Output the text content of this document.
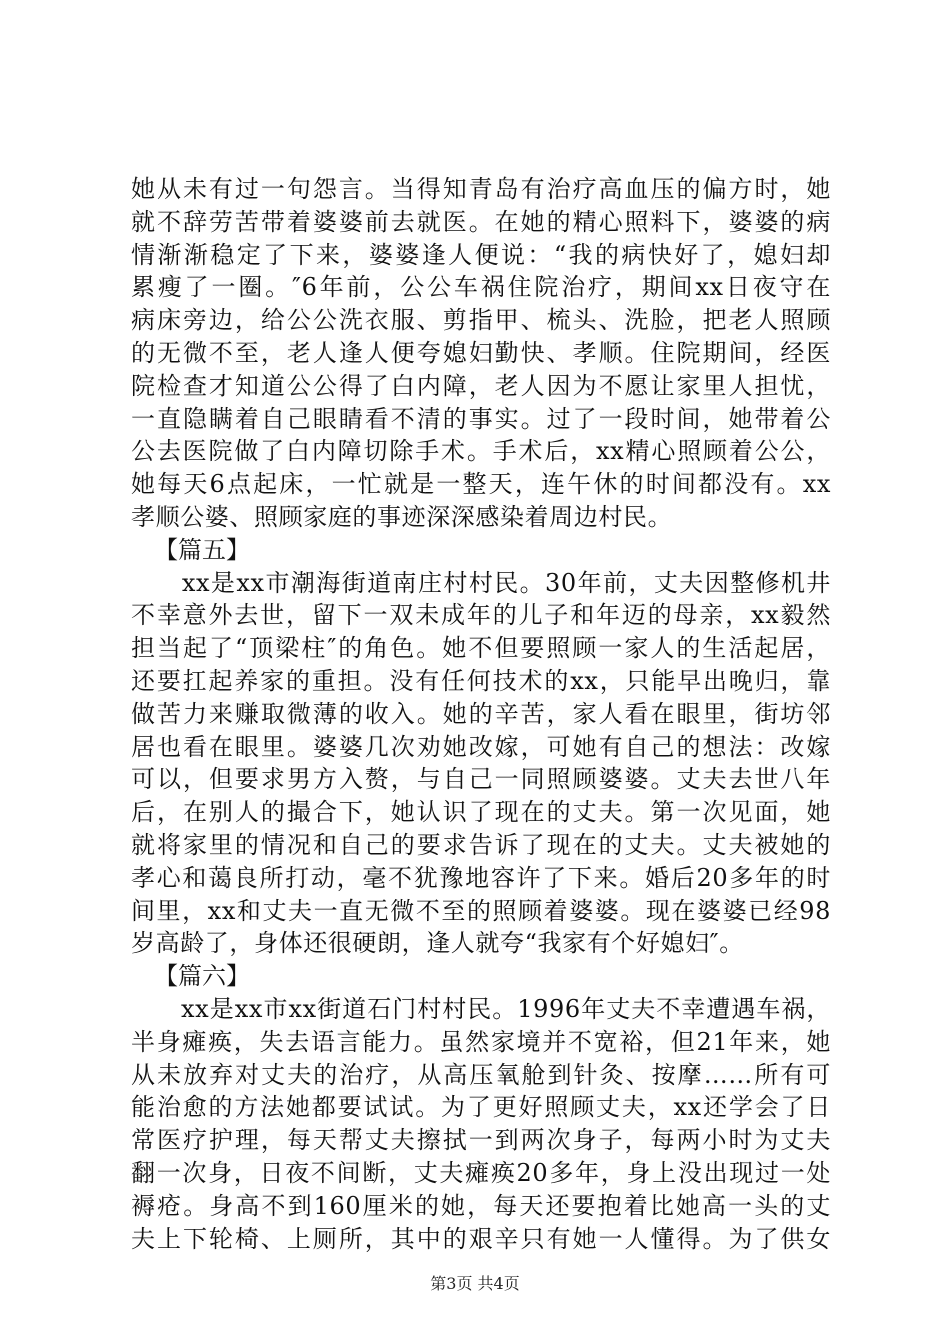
她从未有过一句怨言。当得知青岛有治疗高血压的偏方时，她
就不辞劳苦带着婆婆前去就医。在她的精心照料下，婆婆的病
情渐渐稳定了下来，婆婆逢人便说：“我的病快好了，媳妇却
累瘦了一圈。″6年前，公公车祸住院治疗，期间xx日夜守在
病床旁边，给公公洗衣服、剪指甲、梳头、洗脸，把老人照顾
的无微不至，老人逢人便夸媳妇勤快、孝顺。住院期间，经医
院检查才知道公公得了白内障，老人因为不愿让家里人担忧，
一直隐瞒着自己眼睛看不清的事实。过了一段时间，她带着公
公去医院做了白内障切除手术。手术后，xx精心照顾着公公，
她每天6点起床，一忙就是一整天，连午休的时间都没有。xx
孝顺公婆、照顾家庭的事迹深深感染着周边村民。
【篇五】
　　xx是xx市潮海街道南庄村村民。30年前，丈夫因整修机井
不幸意外去世，留下一双未成年的儿子和年迈的母亲，xx毅然
担当起了“顶梁柱″的角色。她不但要照顾一家人的生活起居，
还要扛起养家的重担。没有任何技术的xx，只能早出晚归，靠
做苦力来赚取微薄的收入。她的辛苦，家人看在眼里，街坊邻
居也看在眼里。婆婆几次劝她改嫁，可她有自己的想法：改嫁
可以，但要求男方入赘，与自己一同照顾婆婆。丈夫去世八年
后，在别人的撮合下，她认识了现在的丈夫。第一次见面，她
就将家里的情况和自己的要求告诉了现在的丈夫。丈夫被她的
孝心和蔼良所打动，毫不犹豫地容许了下来。婚后20多年的时
间里，xx和丈夫一直无微不至的照顾着婆婆。现在婆婆已经98
岁高龄了，身体还很硬朗，逢人就夸“我家有个好媳妇″。
【篇六】
　　xx是xx市xx街道石门村村民。1996年丈夫不幸遭遇车祸，
半身瘫痪，失去语言能力。虽然家境并不宽裕，但21年来，她
从未放弃对丈夫的治疗，从高压氧舱到针灸、按摩……所有可
能治愈的方法她都要试试。为了更好照顾丈夫，xx还学会了日
常医疗护理，每天帮丈夫擦拭一到两次身子，每两小时为丈夫
翻一次身，日夜不间断，丈夫瘫痪20多年，身上没出现过一处
褥疮。身高不到160厘米的她，每天还要抱着比她高一头的丈
夫上下轮椅、上厕所，其中的艰辛只有她一人懂得。为了供女
第3页 共4页
